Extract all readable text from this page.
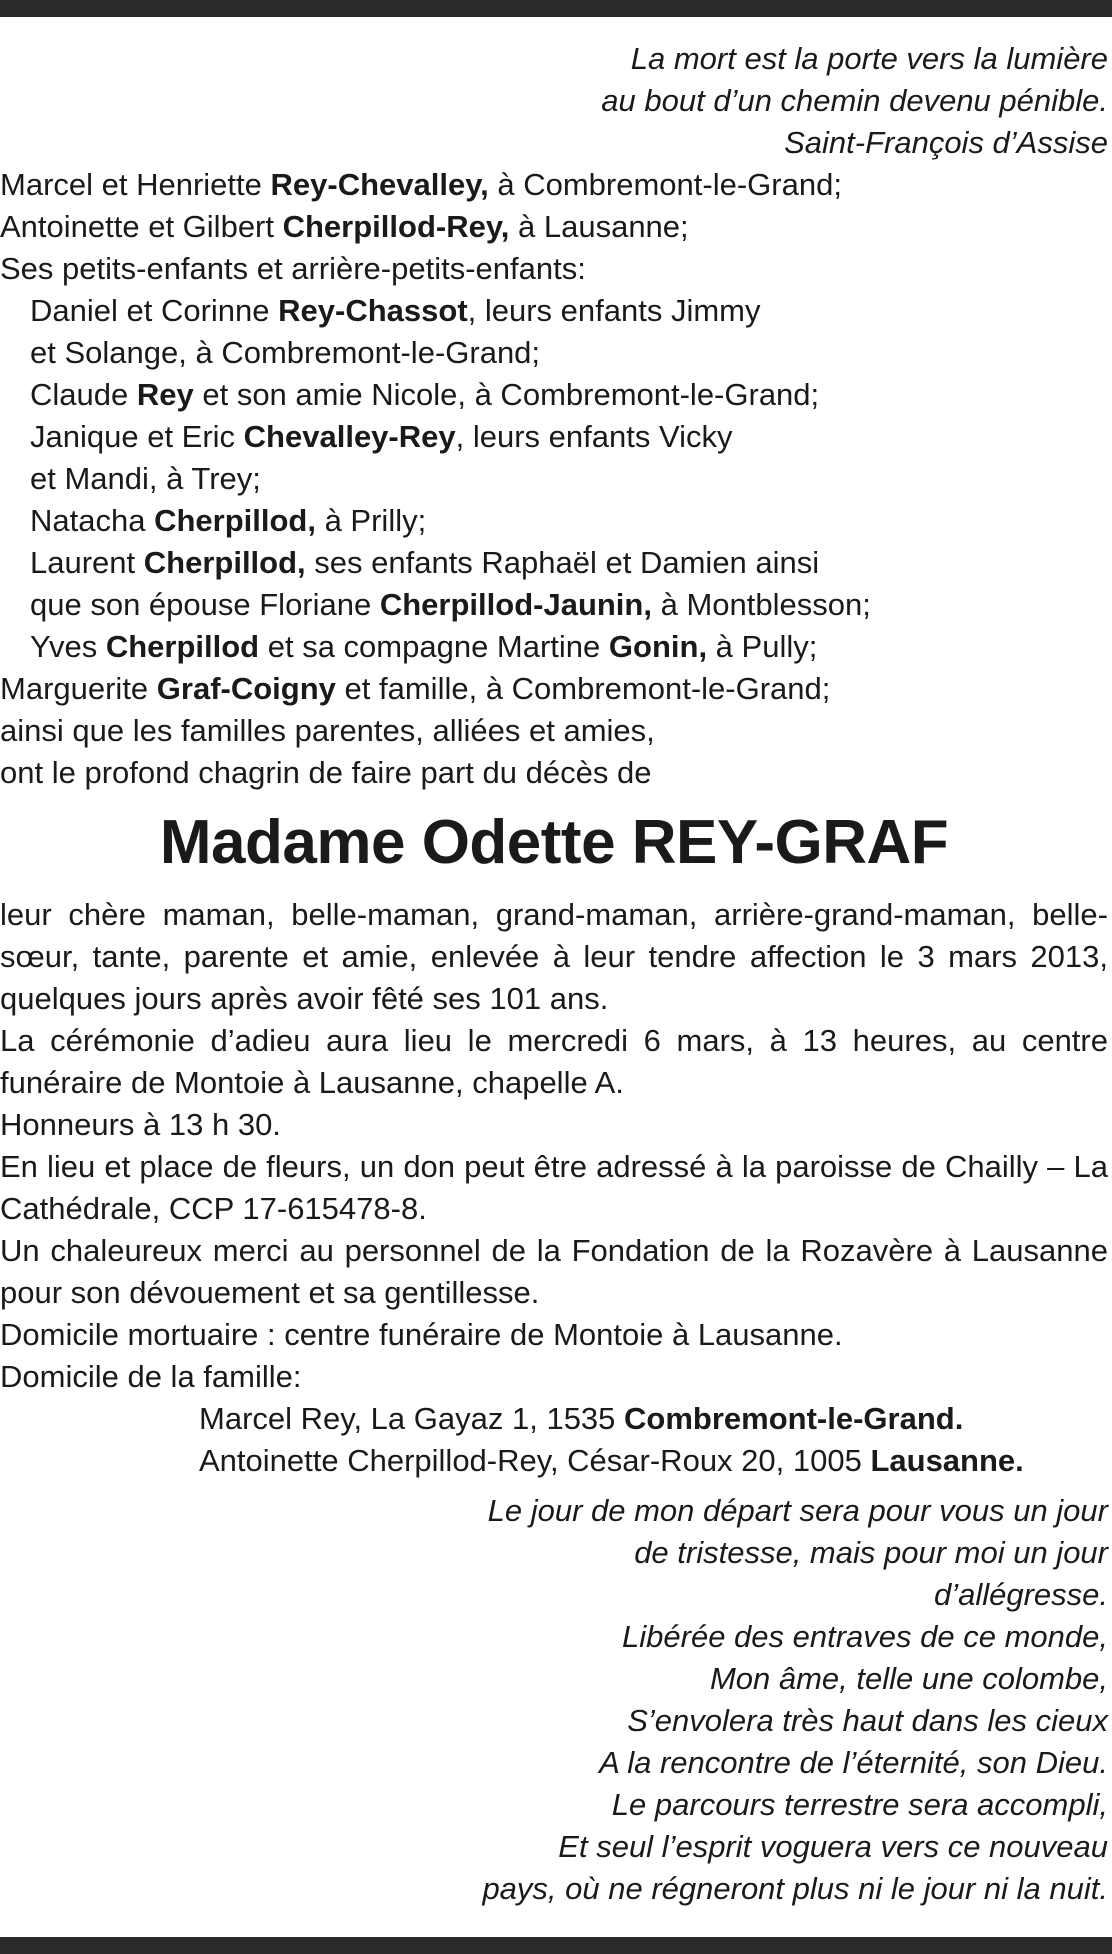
La mort est la porte vers la lumière
au bout d’un chemin devenu pénible.
Saint-François d’Assise
Marcel et Henriette Rey-Chevalley, à Combremont-le-Grand;
Antoinette et Gilbert Cherpillod-Rey, à Lausanne;
Ses petits-enfants et arrière-petits-enfants:
Daniel et Corinne Rey-Chassot, leurs enfants Jimmy
et Solange, à Combremont-le-Grand;
Claude Rey et son amie Nicole, à Combremont-le-Grand;
Janique et Eric Chevalley-Rey, leurs enfants Vicky
et Mandi, à Trey;
Natacha Cherpillod, à Prilly;
Laurent Cherpillod, ses enfants Raphaël et Damien ainsi
que son épouse Floriane Cherpillod-Jaunin, à Montblesson;
Yves Cherpillod et sa compagne Martine Gonin, à Pully;
Marguerite Graf-Coigny et famille, à Combremont-le-Grand;
ainsi que les familles parentes, alliées et amies,
ont le profond chagrin de faire part du décès de
Madame Odette REY-GRAF
leur chère maman, belle-maman, grand-maman, arrière-grand-maman, belle-sœur, tante, parente et amie, enlevée à leur tendre affection le 3 mars 2013, quelques jours après avoir fêté ses 101 ans.
La cérémonie d’adieu aura lieu le mercredi 6 mars, à 13 heures, au centre funéraire de Montoie à Lausanne, chapelle A.
Honneurs à 13 h 30.
En lieu et place de fleurs, un don peut être adressé à la paroisse de Chailly – La Cathédrale, CCP 17-615478-8.
Un chaleureux merci au personnel de la Fondation de la Rozavère à Lausanne pour son dévouement et sa gentillesse.
Domicile mortuaire : centre funéraire de Montoie à Lausanne.
Domicile de la famille:
Marcel Rey, La Gayaz 1, 1535 Combremont-le-Grand.
Antoinette Cherpillod-Rey, César-Roux 20, 1005 Lausanne.
Le jour de mon départ sera pour vous un jour
de tristesse, mais pour moi un jour
d’allégresse.
Libérée des entraves de ce monde,
Mon âme, telle une colombe,
S’envolera très haut dans les cieux
A la rencontre de l’éternité, son Dieu.
Le parcours terrestre sera accompli,
Et seul l’esprit voguera vers ce nouveau
pays, où ne régneront plus ni le jour ni la nuit.
